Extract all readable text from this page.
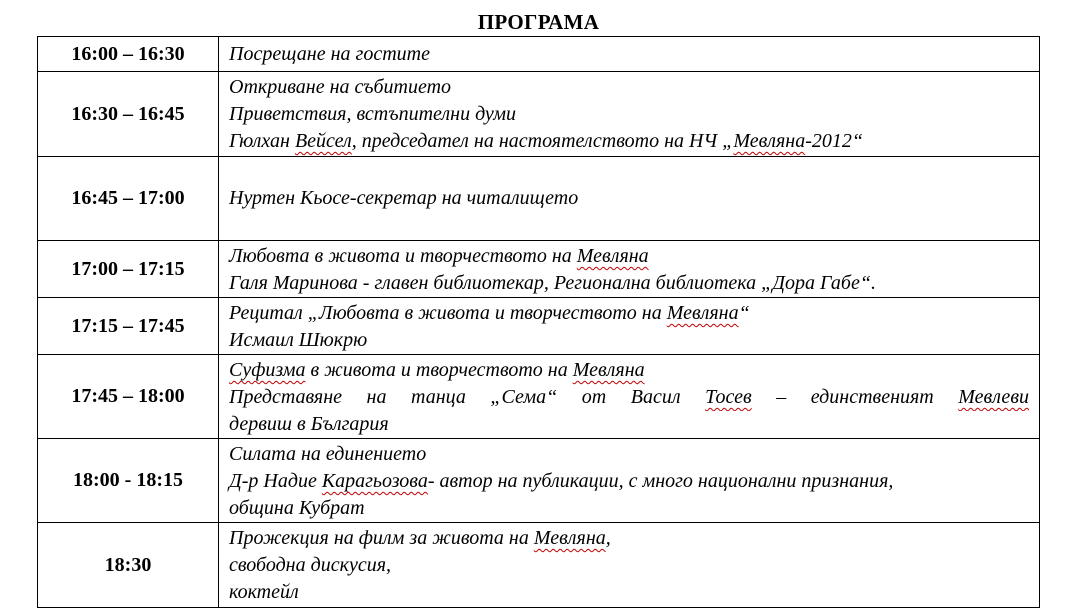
ПРОГРАМА
16:00 – 16:30	Посрещане на гостите

16:30 – 16:45	Откриване на събитието
Приветствия, встъпителни думи
Гюлхан Вейсел, председател на настоятелството на НЧ „Мевляна-2012“

16:45 – 17:00	Нуртен Кьосе-секретар на читалището

17:00 – 17:15	Любовта в живота и творчеството на Мевляна
Галя Маринова - главен библиотекар, Регионална библиотека „Дора Габе“.

17:15 – 17:45	Рецитал „Любовта в живота и творчеството на Мевляна“
Исмаил Шюкрю

17:45 – 18:00	Суфизма в живота и творчеството на Мевляна
Представяне на танца „Сема“ от Васил Тосев – единственият Мевлеви
дервиш в България

18:00 - 18:15	Силата на единението
Д-р Надие Карагьозова- автор на публикации, с много национални признания,
община Кубрат

18:30	Прожекция на филм за живота на Мевляна,
свободна дискусия,
коктейл
